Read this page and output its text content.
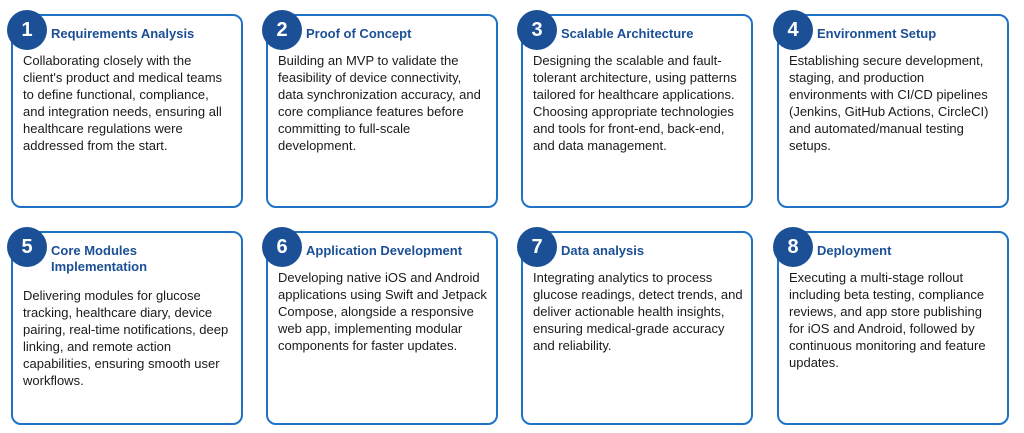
1	Requirements Analysis
Collaborating closely with the client's product and medical teams to define functional, compliance, and integration needs, ensuring all healthcare regulations were addressed from the start.
2	Proof of Concept
Building an MVP to validate the feasibility of device connectivity, data synchronization accuracy, and core compliance features before committing to full-scale development.
3	Scalable Architecture
Designing the scalable and fault-tolerant architecture, using patterns tailored for healthcare applications. Choosing appropriate technologies and tools for front-end, back-end, and data management.
4	Environment Setup
Establishing secure development, staging, and production environments with CI/CD pipelines (Jenkins, GitHub Actions, CircleCI) and automated/manual testing setups.
5	Core Modules Implementation
Delivering modules for glucose tracking, healthcare diary, device pairing, real-time notifications, deep linking, and remote action capabilities, ensuring smooth user workflows.
6	Application Development
Developing native iOS and Android applications using Swift and Jetpack Compose, alongside a responsive web app, implementing modular components for faster updates.
7	Data analysis
Integrating analytics to process glucose readings, detect trends, and deliver actionable health insights, ensuring medical-grade accuracy and reliability.
8	Deployment
Executing a multi-stage rollout including beta testing, compliance reviews, and app store publishing for iOS and Android, followed by continuous monitoring and feature updates.
